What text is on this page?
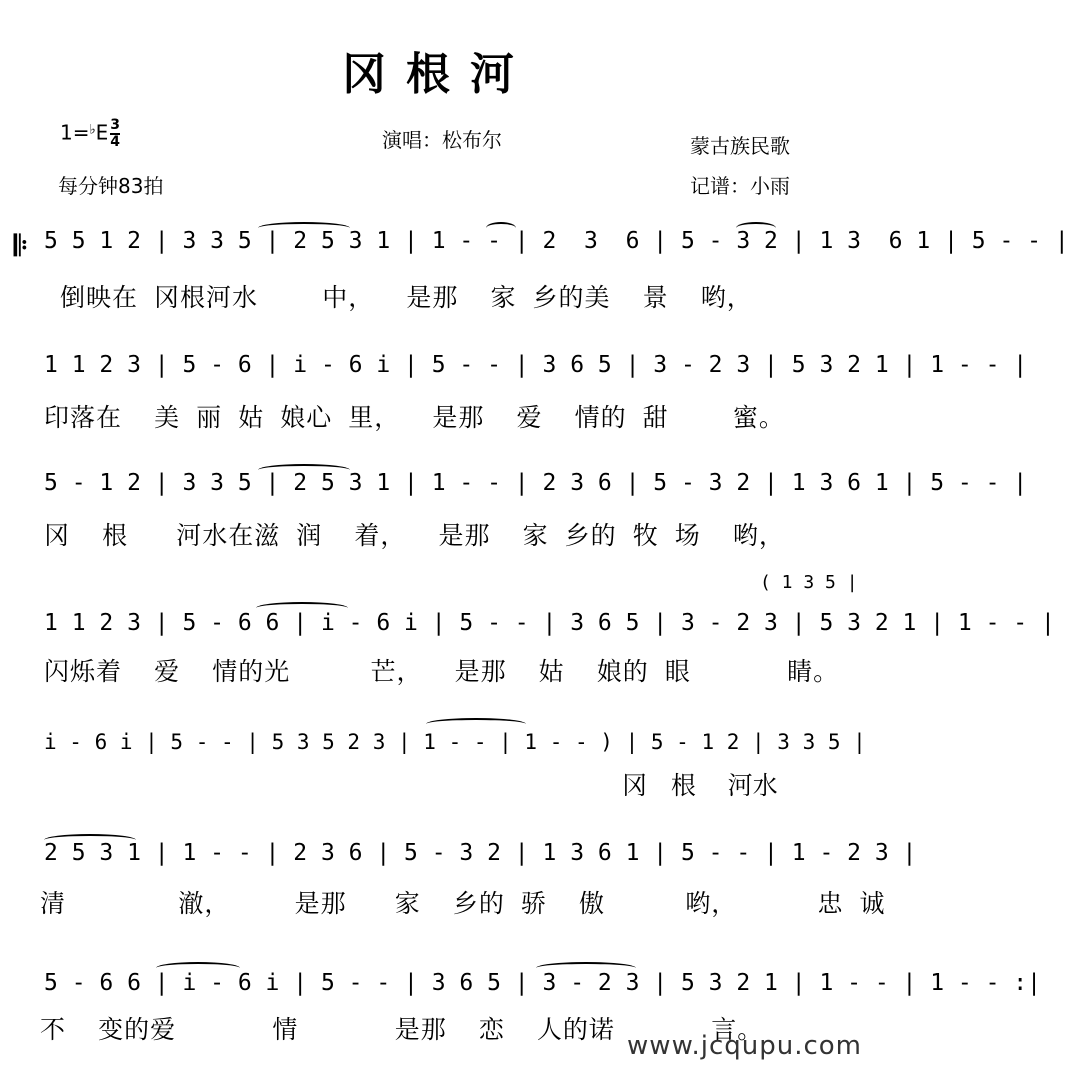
冈根河
$1=^♭E \frac{3}{4}$
每分钟83拍
演唱：松布尔	蒙古族民歌
记谱：小雨
𝄆 5 5 1 2 | 3 3 5 | 2 5 3 1 | 1 - - | 2  3  6 | 5 - 3 2 | 1 3  6 1 | 5 - - |
倒映在 冈根河水    中，  是那  家 乡的美  景  哟，
1 1 2 3 | 5 - 6 | i - 6 i | 5 - - | 3 6 5 | 3 - 2 3 | 5 3 2 1 | 1 - - |
印落在  美 丽 姑 娘心 里，  是那  爱  情的 甜    蜜。
5 - 1 2 | 3 3 5 | 2 5 3 1 | 1 - - | 2 3 6 | 5 - 3 2 | 1 3 6 1 | 5 - - |
冈  根   河水在滋 润  着，  是那  家 乡的 牧 场  哟，
( 1 3 5 |
1 1 2 3 | 5 - 6 6 | i - 6 i | 5 - - | 3 6 5 | 3 - 2 3 | 5 3 2 1 | 1 - - |
闪烁着  爱  情的光     芒，  是那  姑  娘的 眼      睛。
i - 6 i | 5 - - | 5 3 5 2 3 | 1 - - | 1 - - ) | 5 - 1 2 | 3 3 5 |
冈   根    河水
2 5 3 1 | 1 - - | 2 3 6 | 5 - 3 2 | 1 3 6 1 | 5 - - | 1 - 2 3 |
清       澈，    是那   家  乡的 骄  傲     哟，     忠 诚
5 - 6 6 | i - 6 i | 5 - - | 3 6 5 | 3 - 2 3 | 5 3 2 1 | 1 - - | 1 - - :|
不  变的爱      情      是那  恋  人的诺      言。
www.jcqupu.com
